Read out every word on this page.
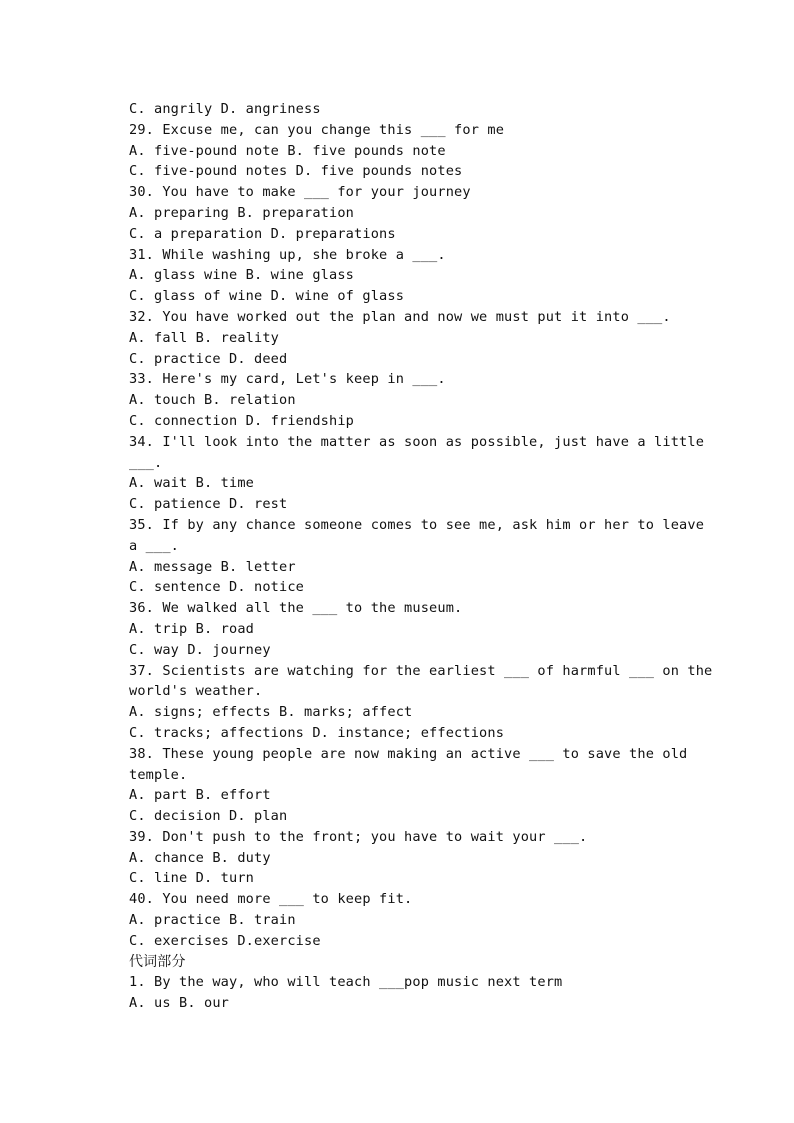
C. angrily D. angriness
29. Excuse me, can you change this ___ for me
A. five-pound note B. five pounds note
C. five-pound notes D. five pounds notes
30. You have to make ___ for your journey
A. preparing B. preparation
C. a preparation D. preparations
31. While washing up, she broke a ___.
A. glass wine B. wine glass
C. glass of wine D. wine of glass
32. You have worked out the plan and now we must put it into ___.
A. fall B. reality
C. practice D. deed
33. Here's my card, Let's keep in ___.
A. touch B. relation
C. connection D. friendship
34. I'll look into the matter as soon as possible, just have a little
___.
A. wait B. time
C. patience D. rest
35. If by any chance someone comes to see me, ask him or her to leave
a ___.
A. message B. letter
C. sentence D. notice
36. We walked all the ___ to the museum.
A. trip B. road
C. way D. journey
37. Scientists are watching for the earliest ___ of harmful ___ on the
world's weather.
A. signs; effects B. marks; affect
C. tracks; affections D. instance; effections
38. These young people are now making an active ___ to save the old
temple.
A. part B. effort
C. decision D. plan
39. Don't push to the front; you have to wait your ___.
A. chance B. duty
C. line D. turn
40. You need more ___ to keep fit.
A. practice B. train
C. exercises D.exercise
代词部分
1. By the way, who will teach ___pop music next term
A. us B. our
